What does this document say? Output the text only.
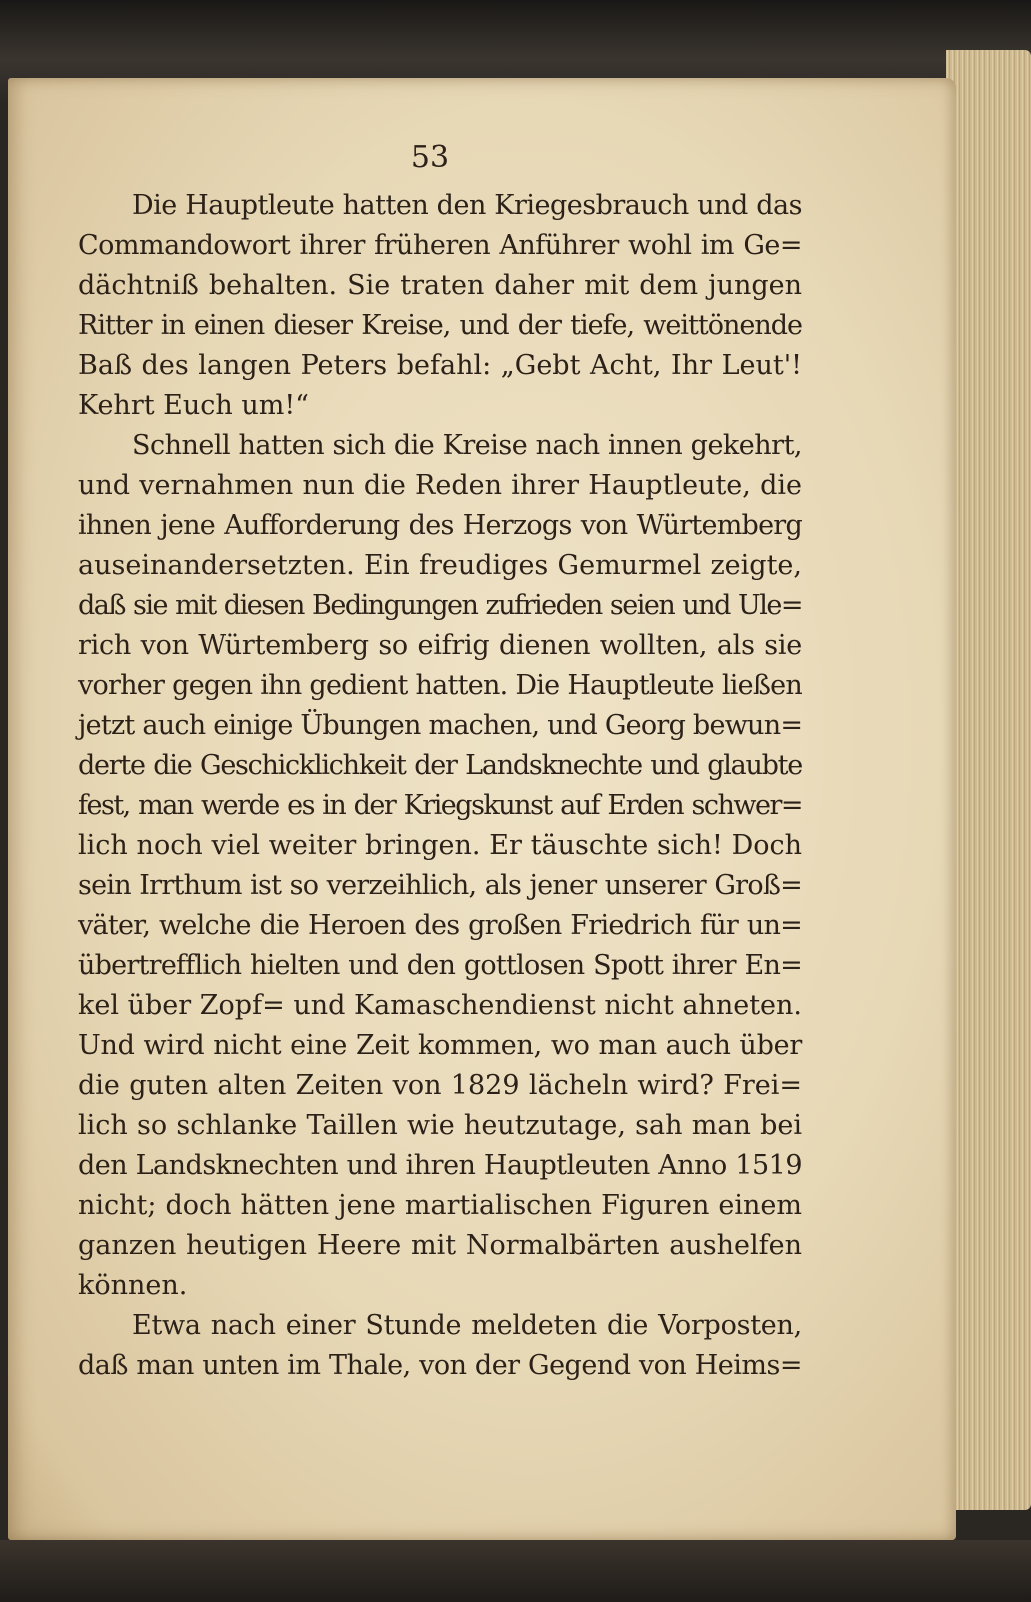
53

Die Hauptleute hatten den Kriegesbrauch und das
Commandowort ihrer früheren Anführer wohl im Ge=
dächtniß behalten. Sie traten daher mit dem jungen
Ritter in einen dieser Kreise, und der tiefe, weittönende
Baß des langen Peters befahl: „Gebt Acht, Ihr Leut'!
Kehrt Euch um!“
Schnell hatten sich die Kreise nach innen gekehrt,
und vernahmen nun die Reden ihrer Hauptleute, die
ihnen jene Aufforderung des Herzogs von Würtemberg
auseinandersetzten. Ein freudiges Gemurmel zeigte,
daß sie mit diesen Bedingungen zufrieden seien und Ule=
rich von Würtemberg so eifrig dienen wollten, als sie
vorher gegen ihn gedient hatten. Die Hauptleute ließen
jetzt auch einige Übungen machen, und Georg bewun=
derte die Geschicklichkeit der Landsknechte und glaubte
fest, man werde es in der Kriegskunst auf Erden schwer=
lich noch viel weiter bringen. Er täuschte sich! Doch
sein Irrthum ist so verzeihlich, als jener unserer Groß=
väter, welche die Heroen des großen Friedrich für un=
übertrefflich hielten und den gottlosen Spott ihrer En=
kel über Zopf= und Kamaschendienst nicht ahneten.
Und wird nicht eine Zeit kommen, wo man auch über
die guten alten Zeiten von 1829 lächeln wird? Frei=
lich so schlanke Taillen wie heutzutage, sah man bei
den Landsknechten und ihren Hauptleuten Anno 1519
nicht; doch hätten jene martialischen Figuren einem
ganzen heutigen Heere mit Normalbärten aushelfen
können.
Etwa nach einer Stunde meldeten die Vorposten,
daß man unten im Thale, von der Gegend von Heims=
